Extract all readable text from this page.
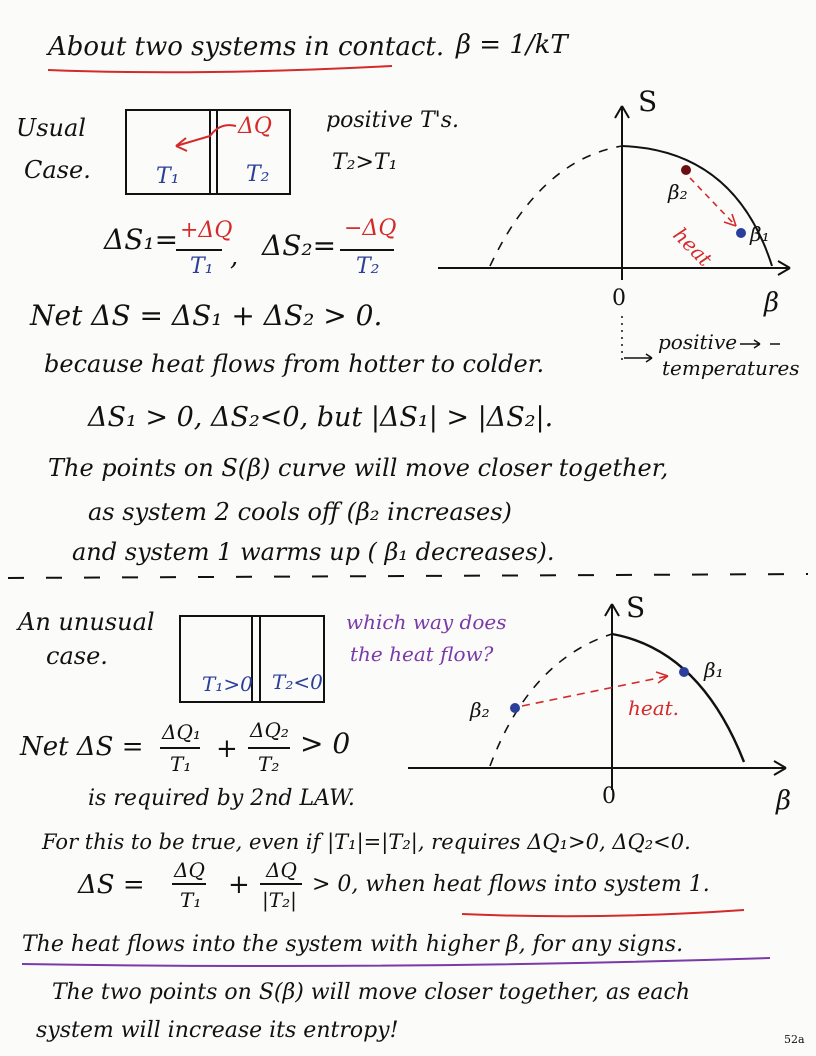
About two systems in contact. β = 1/kT
Usual
Case.	T₁	T₂
ΔQ positive T's.
T₂>T₁
ΔS₁= +ΔQ
T₁ , ΔS₂=
−ΔQ
T₂
Net ΔS = ΔS₁ + ΔS₂ > 0.
because heat flows from hotter to colder.
ΔS₁ > 0, ΔS₂<0, but |ΔS₁| > |ΔS₂|.
The points on S(β) curve will move closer together,
as system 2 cools off (β₂ increases)
and system 1 warms up ( β₁ decreases).
S
β
0
β₂
β₁
heat
positive
temperatures
An unusual
case.
T₁>0 T₂<0
which way does
the heat flow?
Net ΔS = ΔQ₁
T₁ +
ΔQ₂
T₂
> 0
is required by 2nd LAW.
For this to be true, even if |T₁|=|T₂|, requires ΔQ₁>0, ΔQ₂<0.
ΔS = ΔQ
T₁ + ΔQ
|T₂|
> 0, when heat flows into system 1.
The heat flows into the system with higher β, for any signs.
The two points on S(β) will move closer together, as each
system will increase its entropy!
S
β
0
β₂
β₁
heat.
52a
